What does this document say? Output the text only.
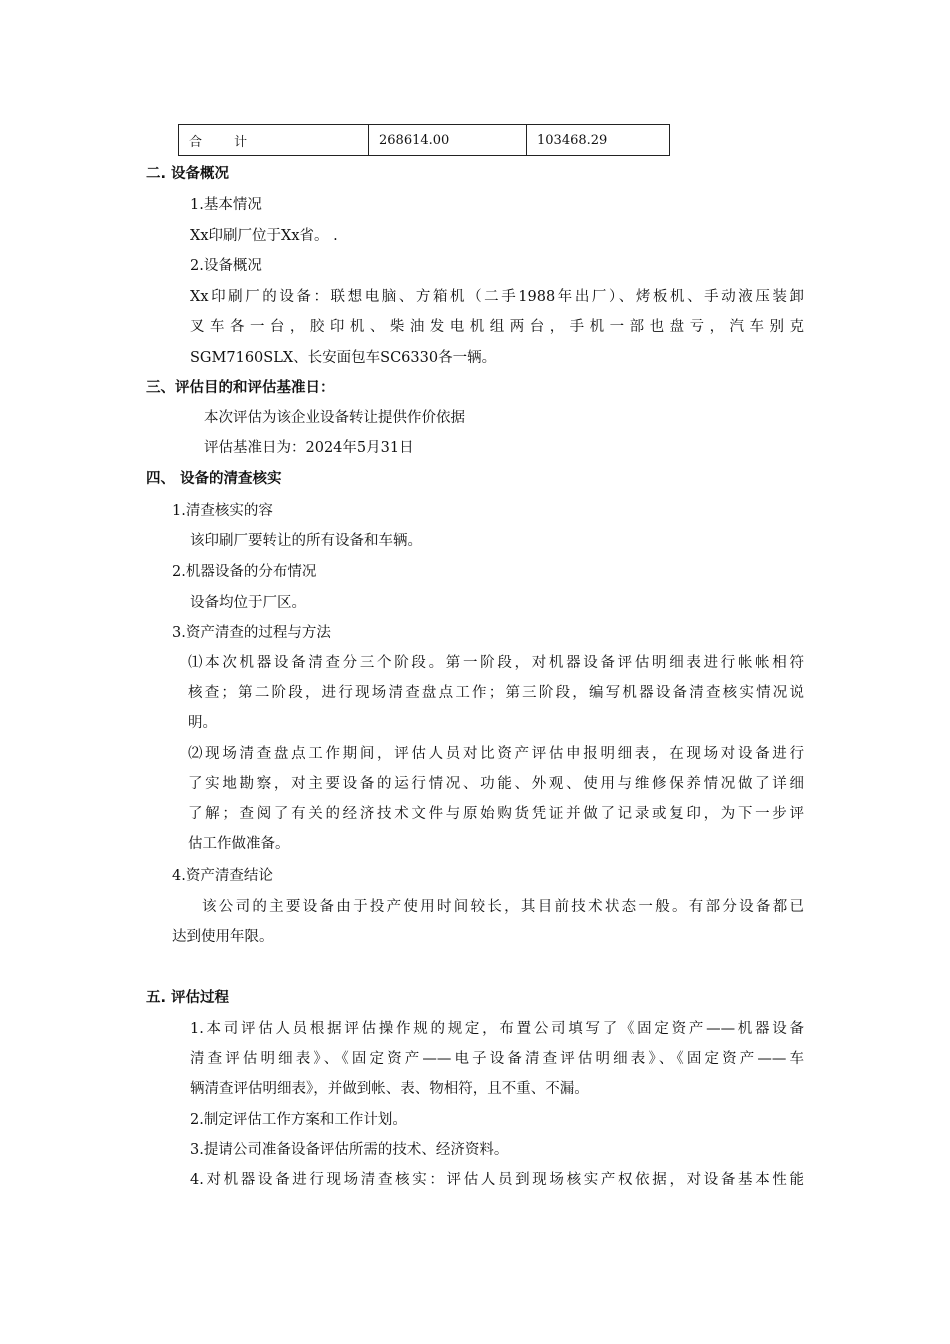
合 计	268614.00	103468.29
二. 设备概况
1.基本情况
Xx印刷厂位于Xx省。 .
2.设备概况
Xx印刷厂的设备：联想电脑、方箱机（二手1988年出厂）、烤板机、手动液压装卸
叉车各一台，胶印机、柴油发电机组两台，手机一部也盘亏，汽车别克
SGM7160SLX、长安面包车SC6330各一辆。
三、评估目的和评估基准日：
本次评估为该企业设备转让提供作价依据
评估基准日为：2024年5月31日
四、 设备的清查核实
1.清查核实的容
该印刷厂要转让的所有设备和车辆。
2.机器设备的分布情况
设备均位于厂区。
3.资产清查的过程与方法
⑴本次机器设备清查分三个阶段。第一阶段，对机器设备评估明细表进行帐帐相符
核查；第二阶段，进行现场清查盘点工作；第三阶段，编写机器设备清查核实情况说
明。
⑵现场清查盘点工作期间，评估人员对比资产评估申报明细表，在现场对设备进行
了实地勘察，对主要设备的运行情况、功能、外观、使用与维修保养情况做了详细
了解；查阅了有关的经济技术文件与原始购货凭证并做了记录或复印，为下一步评
估工作做准备。
4.资产清查结论
该公司的主要设备由于投产使用时间较长，其目前技术状态一般。有部分设备都已
达到使用年限。
五. 评估过程
1.本司评估人员根据评估操作规的规定，布置公司填写了《固定资产——机器设备
清查评估明细表》、《固定资产——电子设备清查评估明细表》、《固定资产——车
辆清查评估明细表》，并做到帐、表、物相符，且不重、不漏。
2.制定评估工作方案和工作计划。
3.提请公司准备设备评估所需的技术、经济资料。
4.对机器设备进行现场清查核实：评估人员到现场核实产权依据，对设备基本性能
